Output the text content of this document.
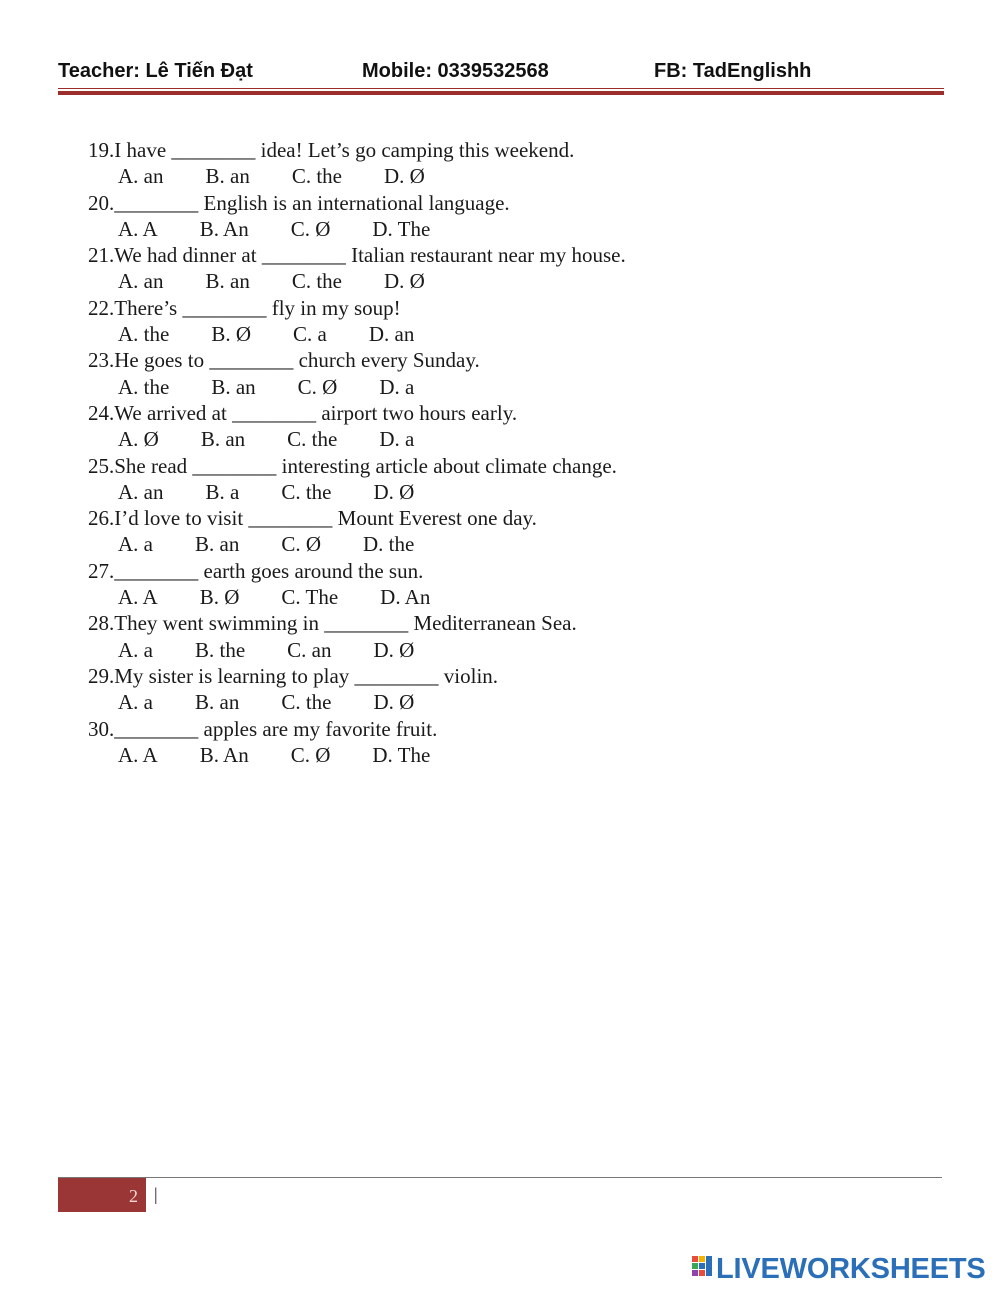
Teacher: Lê Tiến Đạt	Mobile: 0339532568	FB: TadEnglishh
19.I have ________ idea! Let’s go camping this weekend.
A. an B. an C. the D. Ø
20.________ English is an international language.
A. A B. An C. Ø D. The
21.We had dinner at ________ Italian restaurant near my house.
A. an B. an C. the D. Ø
22.There’s ________ fly in my soup!
A. the B. Ø C. a D. an
23.He goes to ________ church every Sunday.
A. the B. an C. Ø D. a
24.We arrived at ________ airport two hours early.
A. Ø B. an C. the D. a
25.She read ________ interesting article about climate change.
A. an B. a C. the D. Ø
26.I’d love to visit ________ Mount Everest one day.
A. a B. an C. Ø D. the
27.________ earth goes around the sun.
A. A B. Ø C. The D. An
28.They went swimming in ________ Mediterranean Sea.
A. a B. the C. an D. Ø
29.My sister is learning to play ________ violin.
A. a B. an C. the D. Ø
30.________ apples are my favorite fruit.
A. A B. An C. Ø D. The
2 |
LIVEWORKSHEETS
